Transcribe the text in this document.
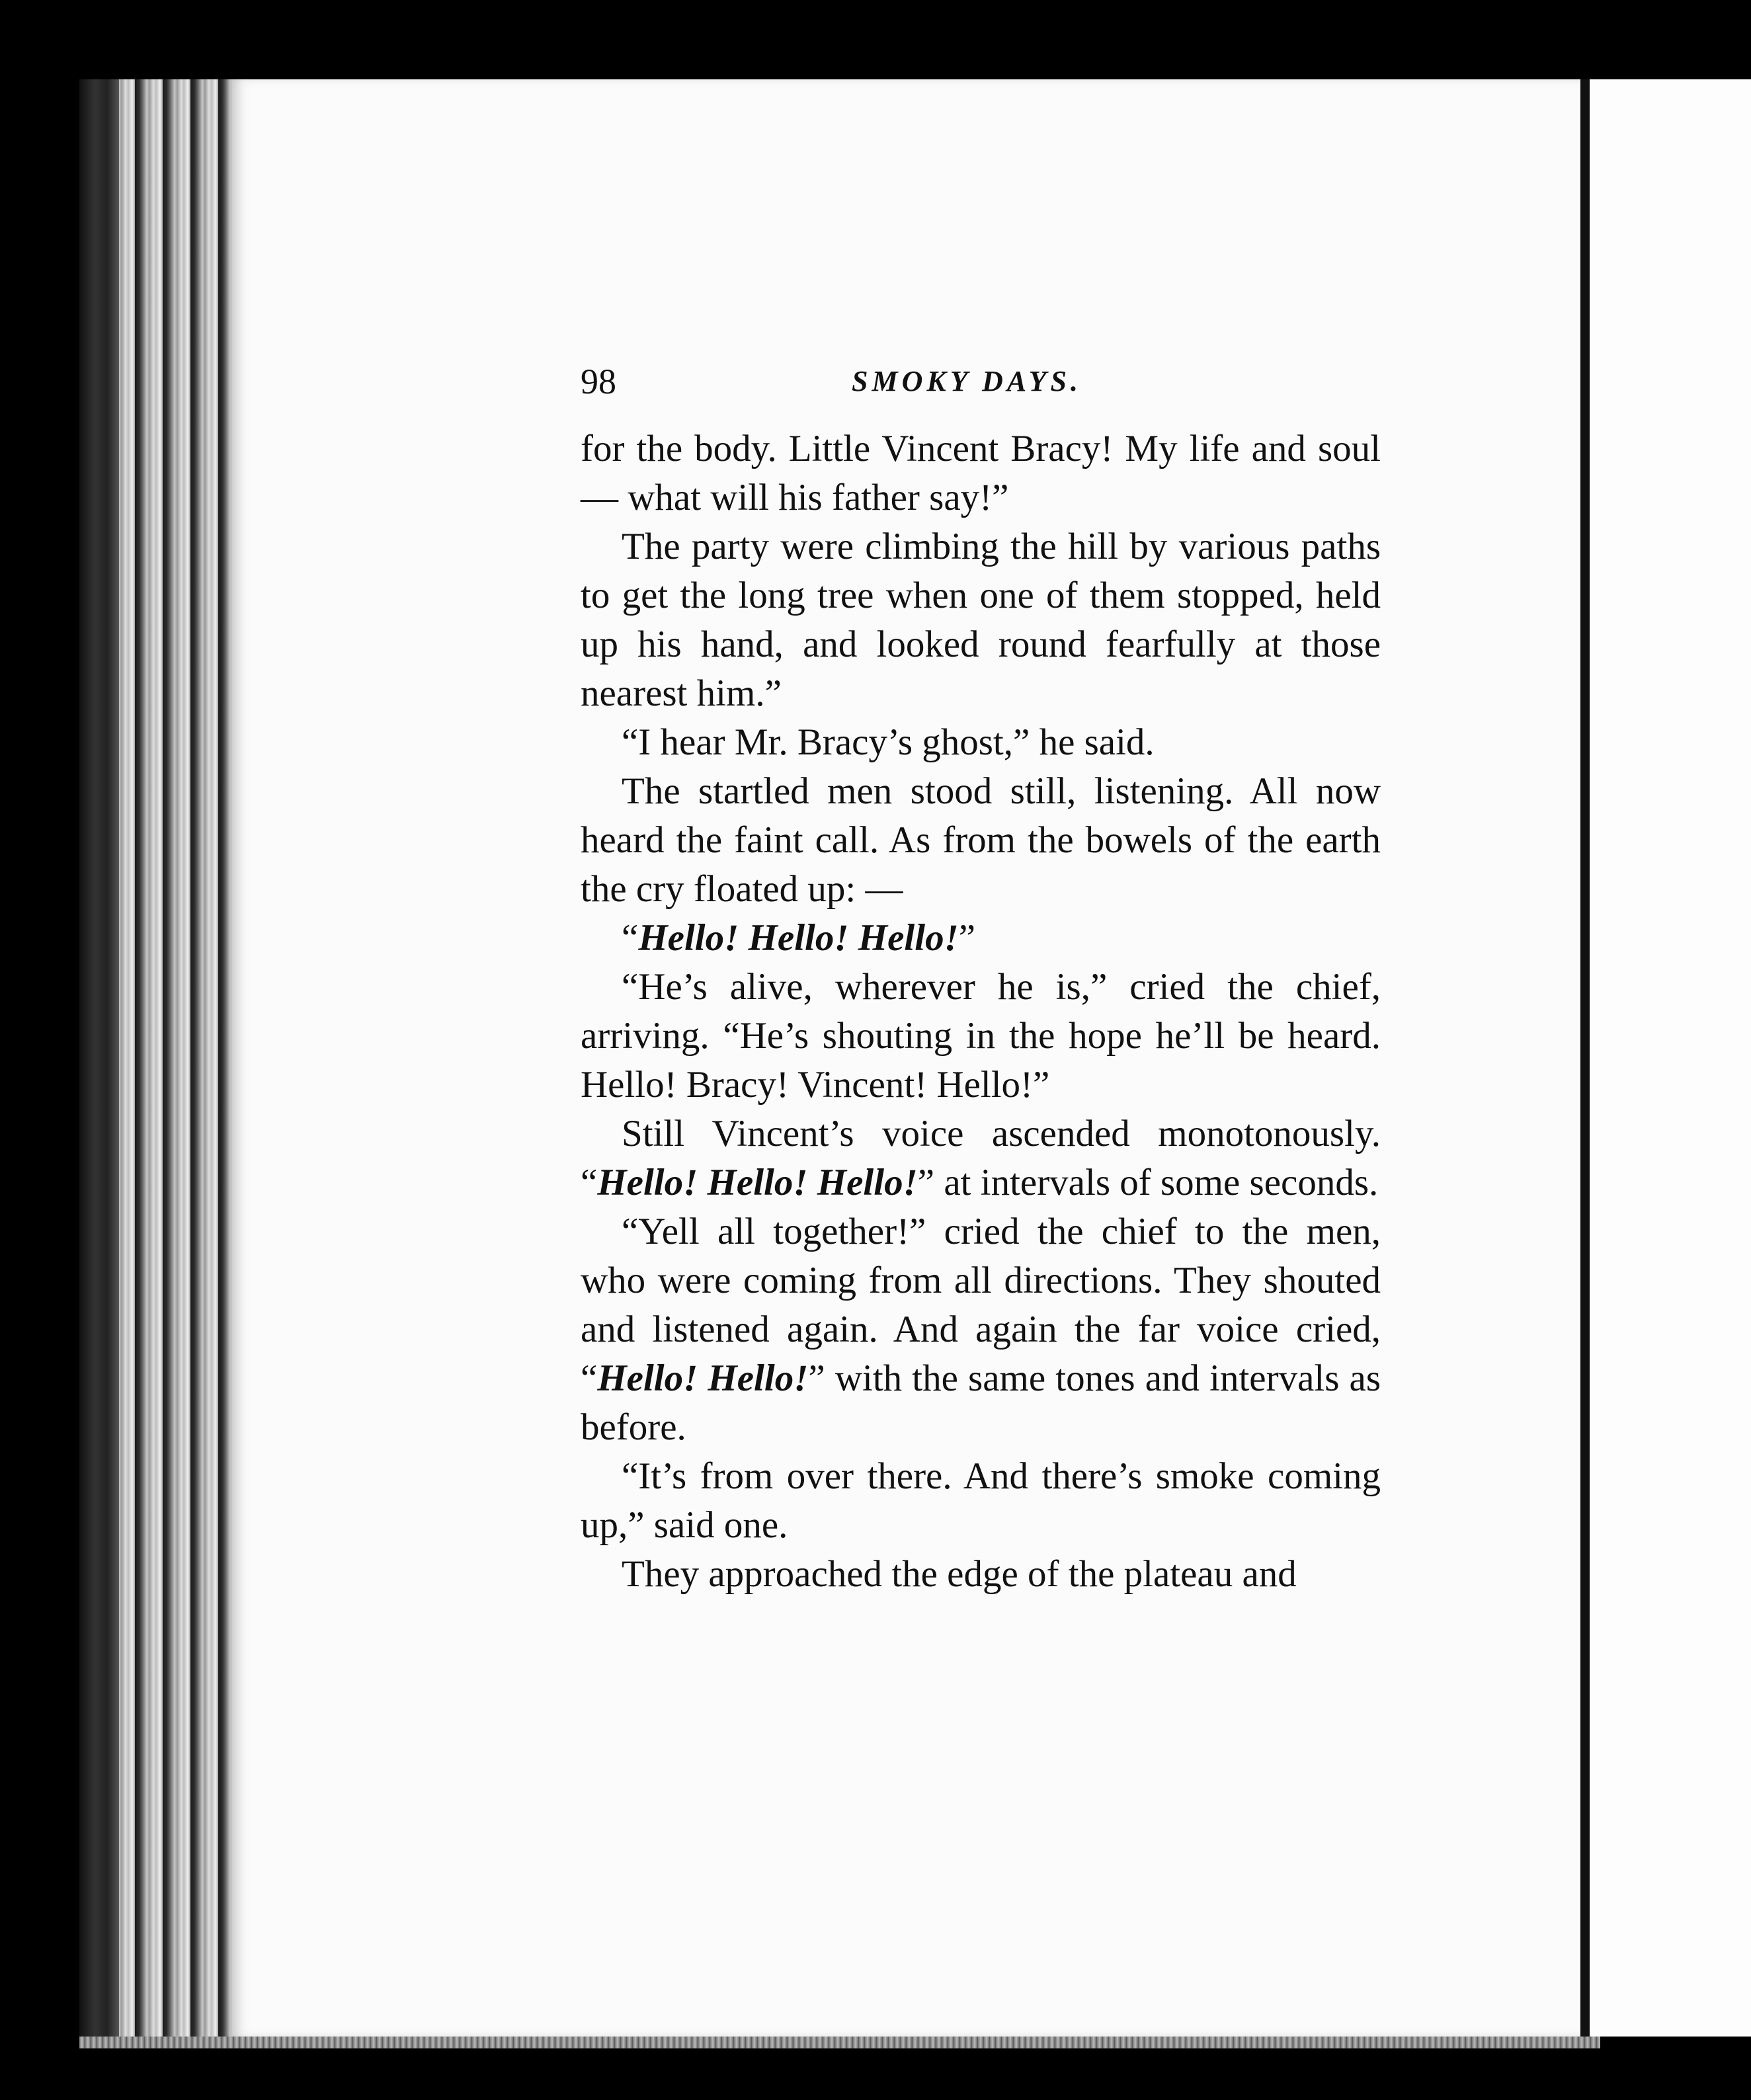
98	SMOKY DAYS.

for the body. Little Vincent Bracy! My life and soul — what will his father say!”

The party were climbing the hill by various paths to get the long tree when one of them stopped, held up his hand, and looked round fearfully at those nearest him.”

“I hear Mr. Bracy’s ghost,” he said.

The startled men stood still, listening. All now heard the faint call. As from the bowels of the earth the cry floated up: —

“Hello! Hello! Hello!”

“He’s alive, wherever he is,” cried the chief, arriving. “He’s shouting in the hope he’ll be heard. Hello! Bracy! Vincent! Hello!”

Still Vincent’s voice ascended monotonously. “Hello! Hello! Hello!” at intervals of some seconds.

“Yell all together!” cried the chief to the men, who were coming from all directions. They shouted and listened again. And again the far voice cried, “Hello! Hello!” with the same tones and intervals as before.

“It’s from over there. And there’s smoke coming up,” said one.

They approached the edge of the plateau and
